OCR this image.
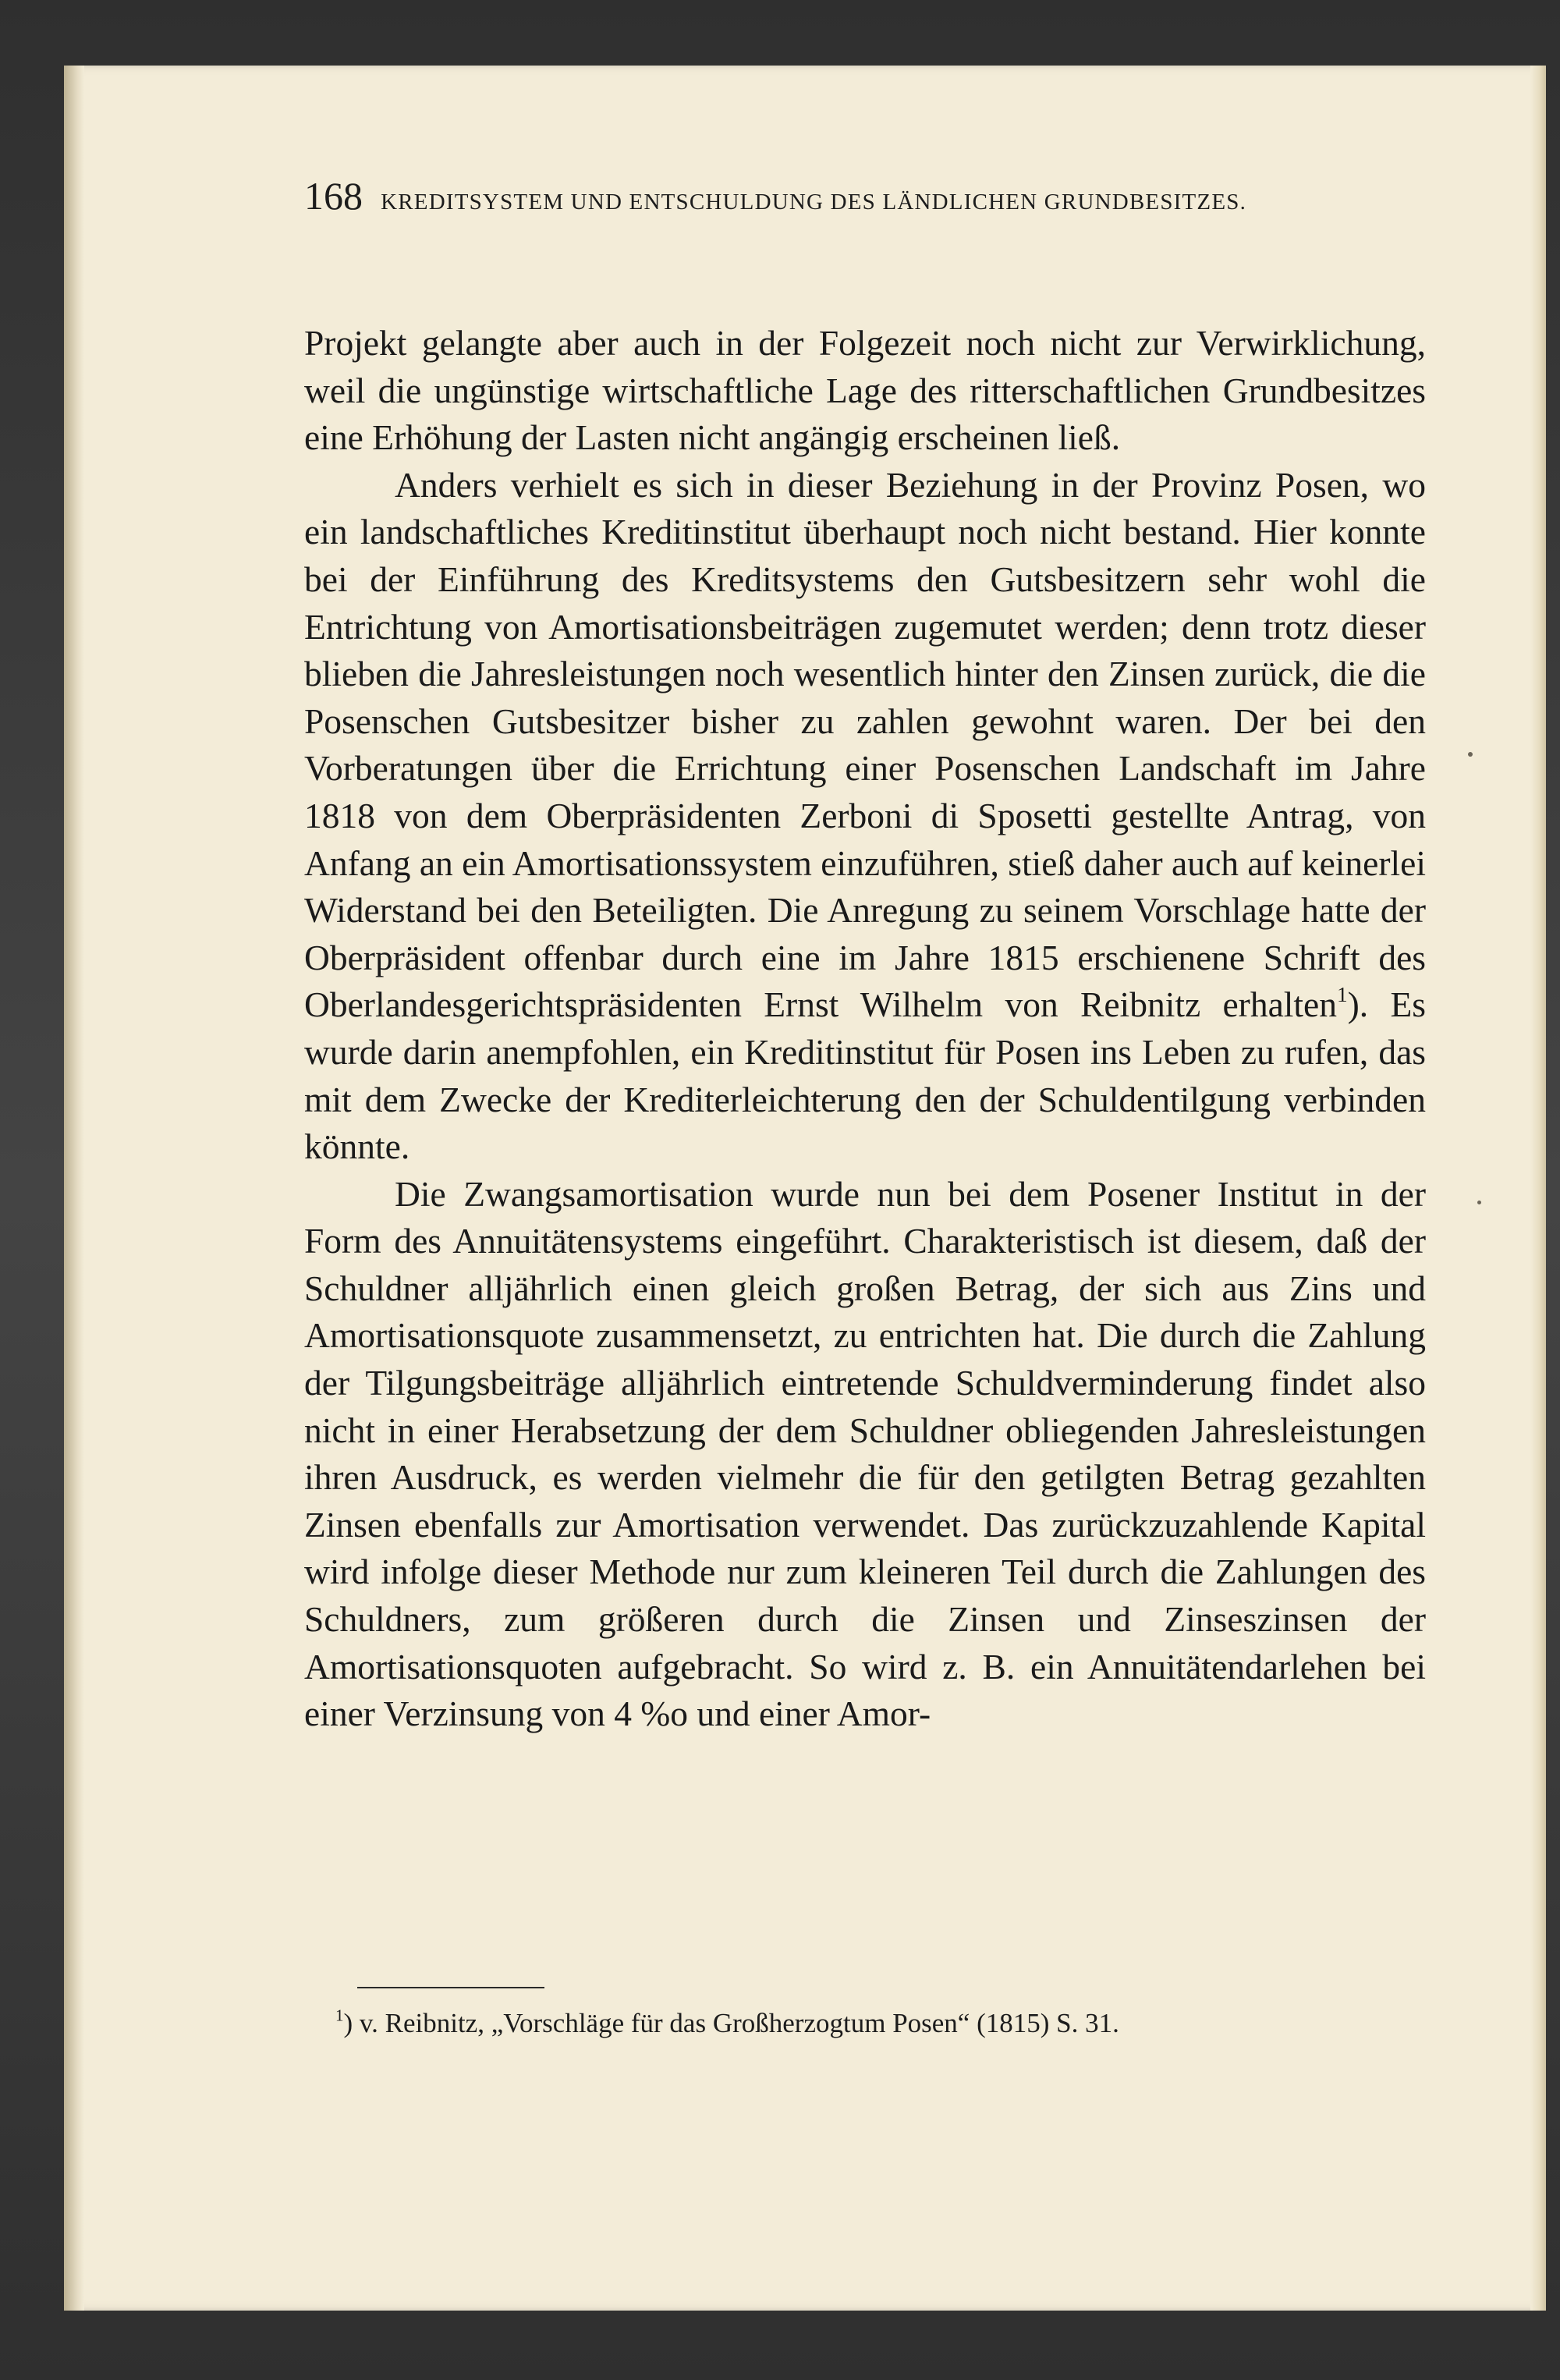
168 KREDITSYSTEM UND ENTSCHULDUNG DES LÄNDLICHEN GRUNDBESITZES.

Projekt gelangte aber auch in der Folgezeit noch nicht zur Verwirklichung, weil die ungünstige wirtschaftliche Lage des ritterschaftlichen Grundbesitzes eine Erhöhung der Lasten nicht angängig erscheinen ließ.

Anders verhielt es sich in dieser Beziehung in der Provinz Posen, wo ein landschaftliches Kreditinstitut überhaupt noch nicht bestand. Hier konnte bei der Einführung des Kreditsystems den Gutsbesitzern sehr wohl die Entrichtung von Amortisationsbeiträgen zugemutet werden; denn trotz dieser blieben die Jahresleistungen noch wesentlich hinter den Zinsen zurück, die die Posenschen Gutsbesitzer bisher zu zahlen gewohnt waren. Der bei den Vorberatungen über die Errichtung einer Posenschen Landschaft im Jahre 1818 von dem Oberpräsidenten Zerboni di Sposetti gestellte Antrag, von Anfang an ein Amortisationssystem einzuführen, stieß daher auch auf keinerlei Widerstand bei den Beteiligten. Die Anregung zu seinem Vorschlage hatte der Oberpräsident offenbar durch eine im Jahre 1815 erschienene Schrift des Oberlandesgerichtspräsidenten Ernst Wilhelm von Reibnitz erhalten$^1$). Es wurde darin anempfohlen, ein Kreditinstitut für Posen ins Leben zu rufen, das mit dem Zwecke der Krediterleichterung den der Schuldentilgung verbinden könnte.

Die Zwangsamortisation wurde nun bei dem Posener Institut in der Form des Annuitätensystems eingeführt. Charakteristisch ist diesem, daß der Schuldner alljährlich einen gleich großen Betrag, der sich aus Zins und Amortisationsquote zusammensetzt, zu entrichten hat. Die durch die Zahlung der Tilgungsbeiträge alljährlich eintretende Schuldverminderung findet also nicht in einer Herabsetzung der dem Schuldner obliegenden Jahresleistungen ihren Ausdruck, es werden vielmehr die für den getilgten Betrag gezahlten Zinsen ebenfalls zur Amortisation verwendet. Das zurückzuzahlende Kapital wird infolge dieser Methode nur zum kleineren Teil durch die Zahlungen des Schuldners, zum größeren durch die Zinsen und Zinseszinsen der Amortisationsquoten aufgebracht. So wird z. B. ein Annuitätendarlehen bei einer Verzinsung von 4 %o und einer Amor-

$^1$) v. Reibnitz, „Vorschläge für das Großherzogtum Posen“ (1815) S. 31.
